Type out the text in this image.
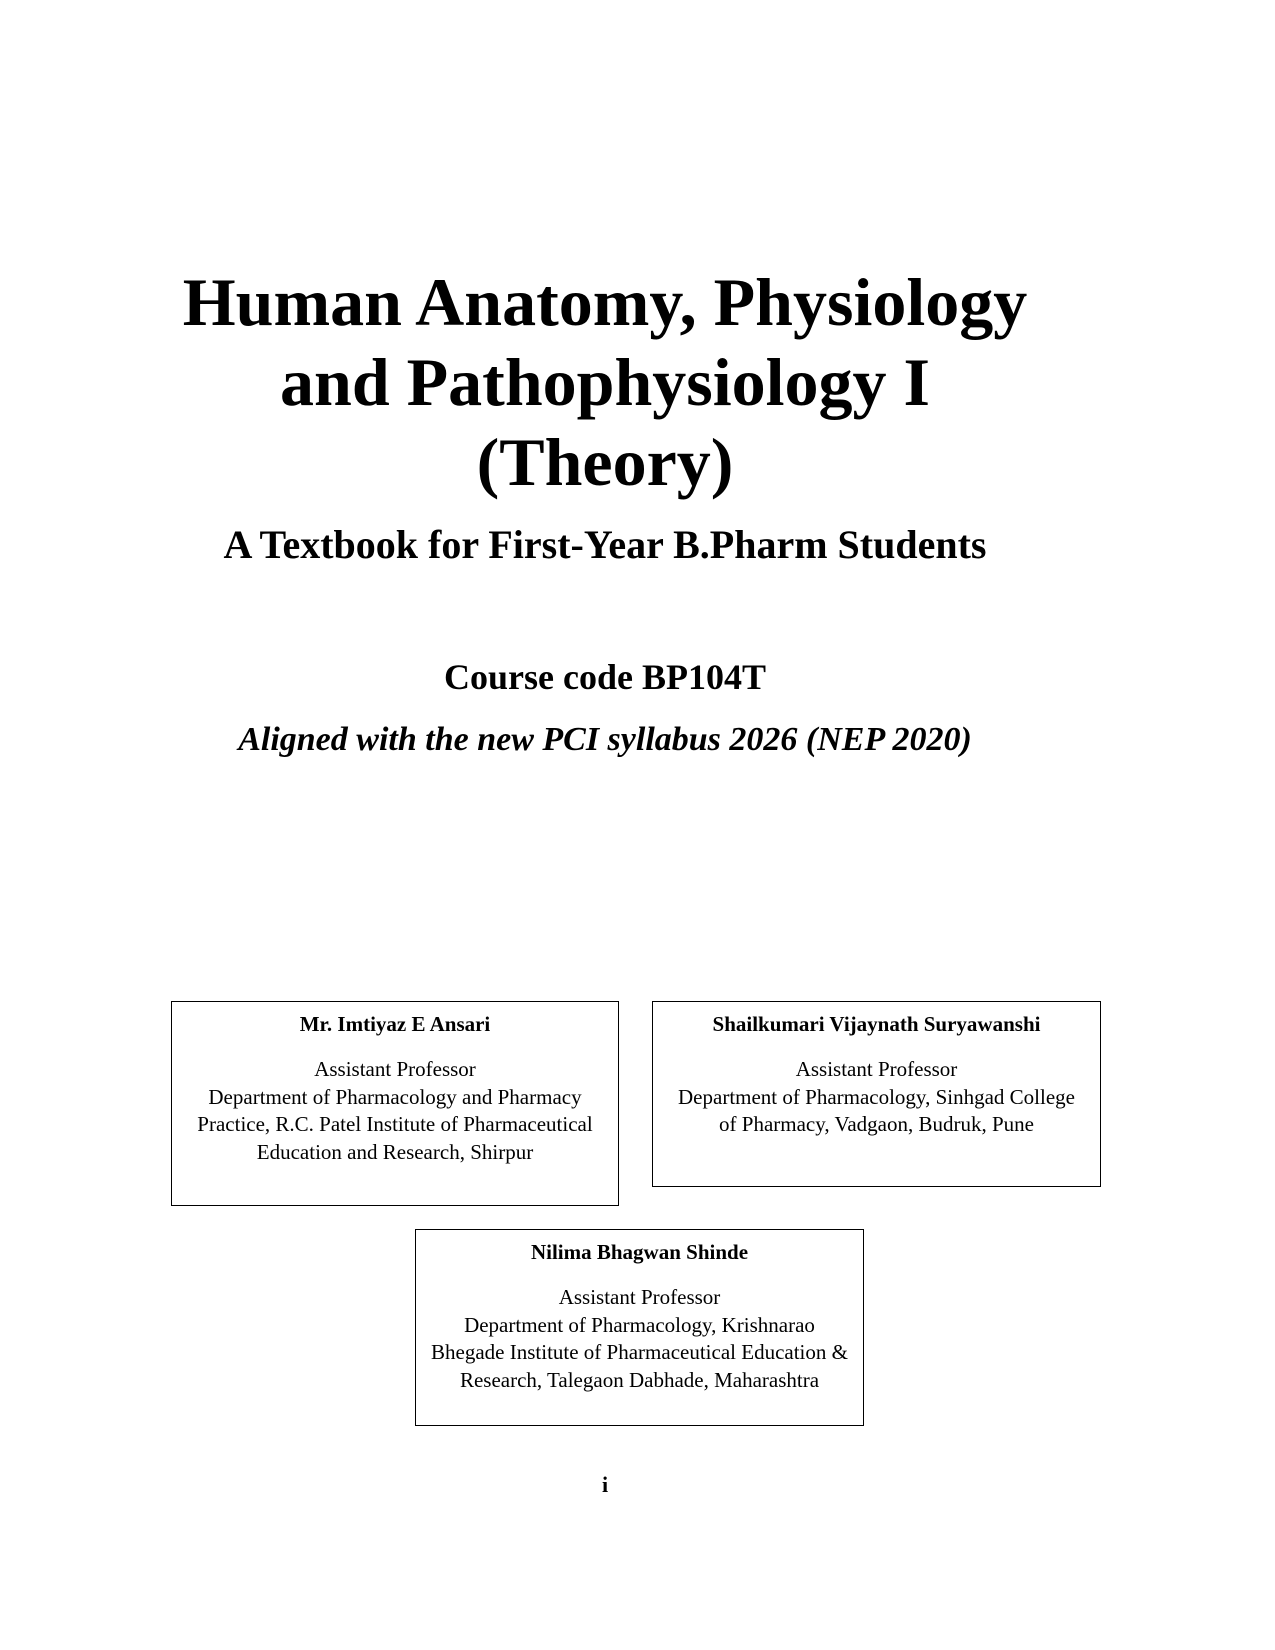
Human Anatomy, Physiology

and Pathophysiology I

(Theory)

A Textbook for First-Year B.Pharm Students
Course code BP104T
Aligned with the new PCI syllabus 2026 (NEP 2020)
Mr. Imtiyaz E Ansari
Assistant Professor
Department of Pharmacology and Pharmacy Practice, R.C. Patel Institute of Pharmaceutical Education and Research, Shirpur
Shailkumari Vijaynath Suryawanshi
Assistant Professor
Department of Pharmacology, Sinhgad College of Pharmacy, Vadgaon, Budruk, Pune
Nilima Bhagwan Shinde
Assistant Professor
Department of Pharmacology, Krishnarao Bhegade Institute of Pharmaceutical Education & Research, Talegaon Dabhade, Maharashtra
i
